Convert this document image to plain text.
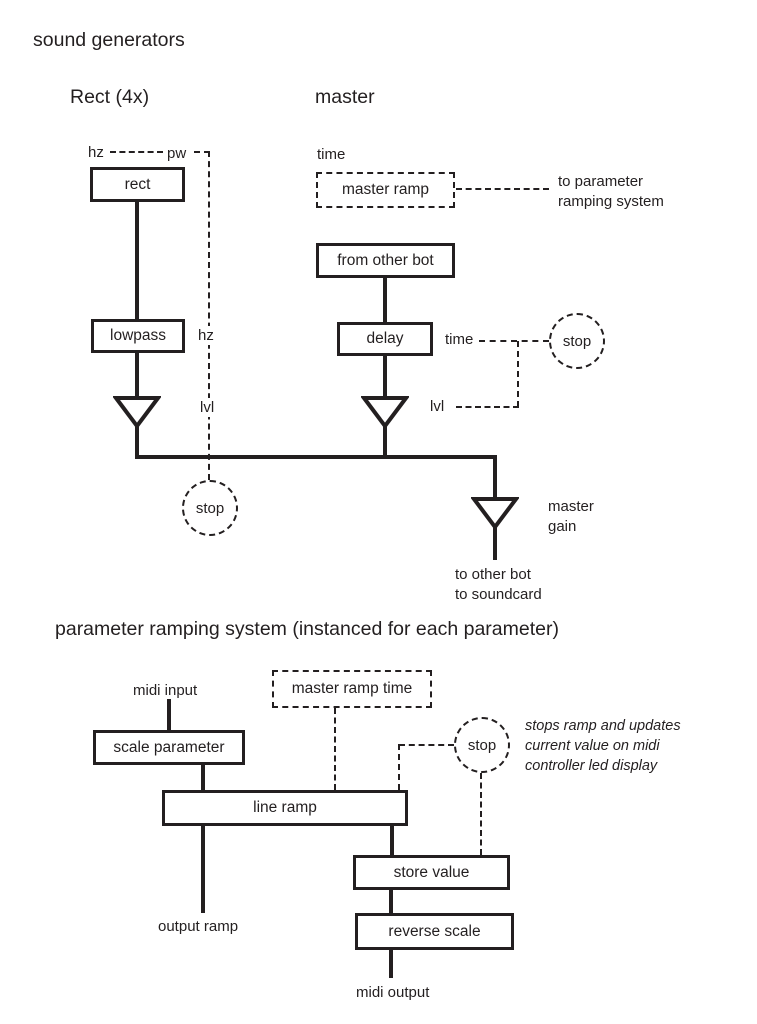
sound generators
Rect (4x)	master
hz	pw
rect
lowpass	hz
lvl
time
master ramp	to parameter
ramping system
from other bot
delay	time
lvl
stop
master
gain
to other bot
to soundcard
stop
parameter ramping system (instanced for each parameter)
midi input	master ramp time
stop
stops ramp and updates
current value on midi
controller led display
scale parameter
line ramp
output ramp
store value
reverse scale
midi output
